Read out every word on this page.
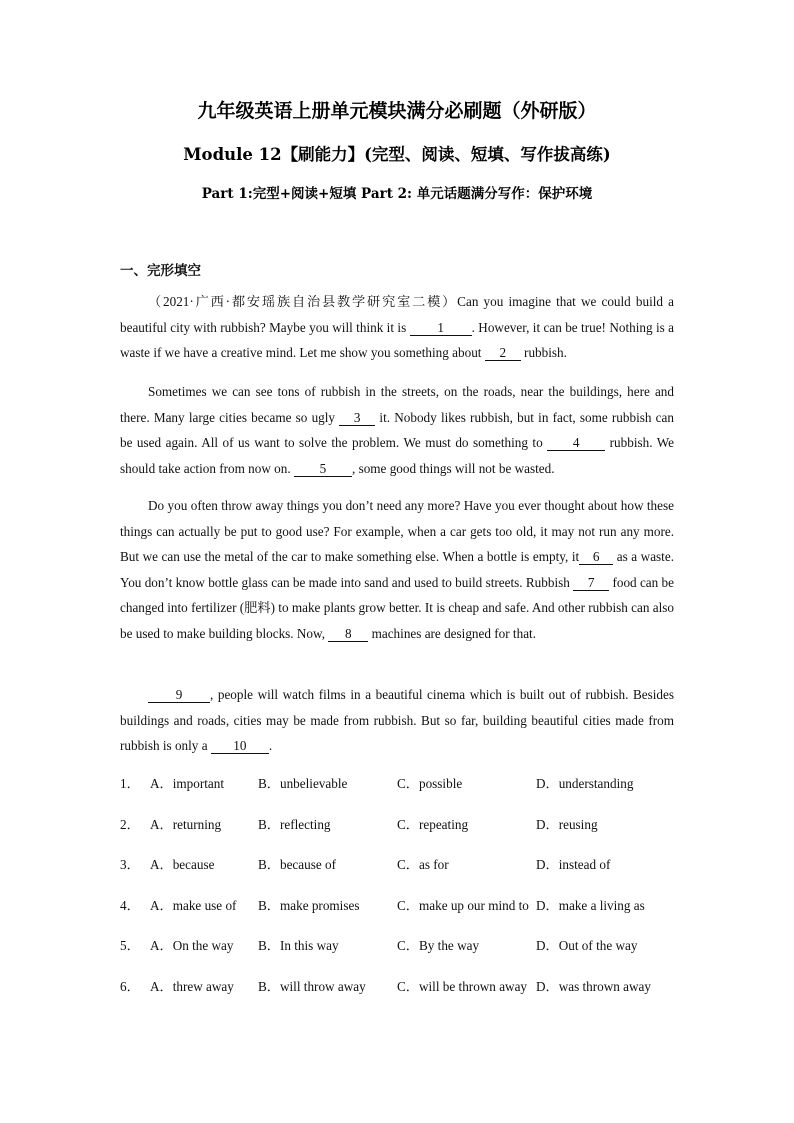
九年级英语上册单元模块满分必刷题（外研版）
Module 12【刷能力】(完型、阅读、短填、写作拔高练)
Part 1:完型+阅读+短填 Part 2: 单元话题满分写作：保护环境
一、完形填空
（2021·广西·都安瑶族自治县教学研究室二模）Can you imagine that we could build a beautiful city with rubbish? Maybe you will think it is 1 . However, it can be true! Nothing is a waste if we have a creative mind. Let me show you something about 2 rubbish.
Sometimes we can see tons of rubbish in the streets, on the roads, near the buildings, here and there. Many large cities became so ugly 3 it. Nobody likes rubbish, but in fact, some rubbish can be used again. All of us want to solve the problem. We must do something to 4 rubbish. We should take action from now on. 5 , some good things will not be wasted.
Do you often throw away things you don’t need any more? Have you ever thought about how these things can actually be put to good use? For example, when a car gets too old, it may not run any more. But we can use the metal of the car to make something else. When a bottle is empty, it 6 as a waste. You don’t know bottle glass can be made into sand and used to build streets. Rubbish 7 food can be changed into fertilizer (肥料) to make plants grow better. It is cheap and safe. And other rubbish can also be used to make building blocks. Now, 8 machines are designed for that.
9 , people will watch films in a beautiful cinema which is built out of rubbish. Besides buildings and roads, cities may be made from rubbish. But so far, building beautiful cities made from rubbish is only a 10 .
1． A．important	B．unbelievable	C．possible	D．understanding
2． A．returning	B．reflecting	C．repeating	D．reusing
3． A．because	B．because of	C．as for	D．instead of
4． A．make use of B．make promises	C．make up our mind to D．make a living as
5． A．On the way B．In this way	C．By the way	D．Out of the way
6． A．threw away B．will throw away C．will be thrown away D．was thrown away
